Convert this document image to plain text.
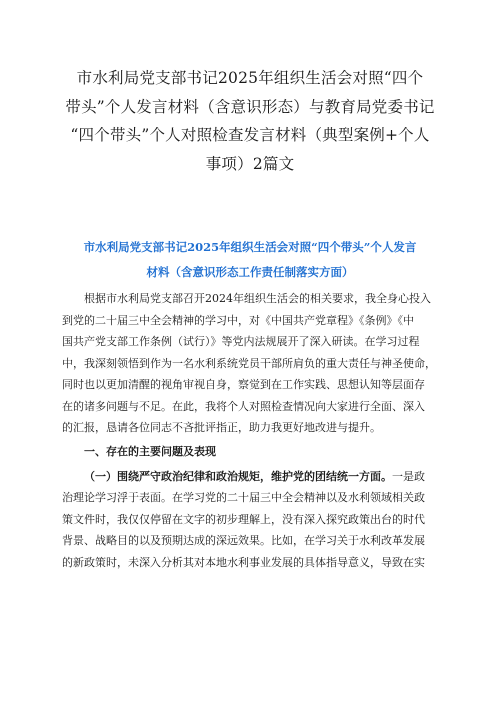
市水利局党支部书记2025年组织生活会对照“四个
带头”个人发言材料（含意识形态）与教育局党委书记
“四个带头”个人对照检查发言材料（典型案例+个人
事项）2篇文
市水利局党支部书记2025年组织生活会对照“四个带头”个人发言
材料（含意识形态工作责任制落实方面）

根据市水利局党支部召开2024年组织生活会的相关要求，我全身心投入
到党的二十届三中全会精神的学习中，对《中国共产党章程》《条例》《中
国共产党支部工作条例（试行）》等党内法规展开了深入研读。在学习过程
中，我深刻领悟到作为一名水利系统党员干部所肩负的重大责任与神圣使命，
同时也以更加清醒的视角审视自身，察觉到在工作实践、思想认知等层面存
在的诸多问题与不足。在此，我将个人对照检查情况向大家进行全面、深入
的汇报，恳请各位同志不吝批评指正，助力我更好地改进与提升。

一、存在的主要问题及表现

（一）围绕严守政治纪律和政治规矩，维护党的团结统一方面。一是政
治理论学习浮于表面。在学习党的二十届三中全会精神以及水利领域相关政
策文件时，我仅仅停留在文字的初步理解上，没有深入探究政策出台的时代
背景、战略目的以及预期达成的深远效果。比如，在学习关于水利改革发展
的新政策时，未深入分析其对本地水利事业发展的具体指导意义，导致在实
